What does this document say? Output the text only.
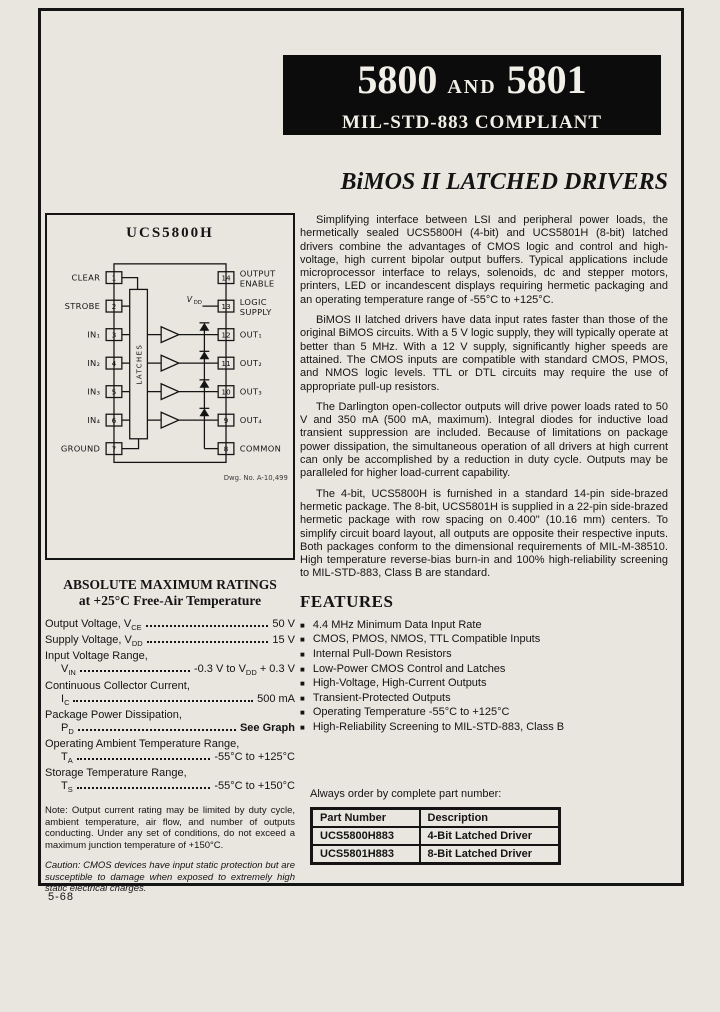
5800 AND 5801
MIL-STD-883 COMPLIANT
BiMOS II LATCHED DRIVERS

Simplifying interface between LSI and peripheral power loads, the hermetically sealed UCS5800H (4-bit) and UCS5801H (8-bit) latched drivers combine the advantages of CMOS logic and control and high-voltage, high current bipolar output buffers. Typical applications include microprocessor interface to relays, solenoids, dc and stepper motors, printers, LED or incandescent displays requiring hermetic packaging and an operating temperature range of -55°C to +125°C.

BiMOS II latched drivers have data input rates faster than those of the original BiMOS circuits. With a 5 V logic supply, they will typically operate at better than 5 MHz. With a 12 V supply, significantly higher speeds are attained. The CMOS inputs are compatible with standard CMOS, PMOS, and NMOS logic levels. TTL or DTL circuits may require the use of appropriate pull-up resistors.

The Darlington open-collector outputs will drive power loads rated to 50 V and 350 mA (500 mA, maximum). Integral diodes for inductive load transient suppression are included. Because of limitations on package power dissipation, the simultaneous operation of all drivers at high current can only be accomplished by a reduction in duty cycle. Outputs may be paralleled for higher load-current capability.

The 4-bit, UCS5800H is furnished in a standard 14-pin side-brazed hermetic package. The 8-bit, UCS5801H is supplied in a 22-pin side-brazed hermetic package with row spacing on 0.400" (10.16 mm) centers. To simplify circuit board layout, all outputs are opposite their respective inputs. Both packages conform to the dimensional requirements of MIL-M-38510. High temperature reverse-bias burn-in and 100% high-reliability screening to MIL-STD-883, Class B are standard.

FEATURES
■ 4.4 MHz Minimum Data Input Rate
■ CMOS, PMOS, NMOS, TTL Compatible Inputs
■ Internal Pull-Down Resistors
■ Low-Power CMOS Control and Latches
■ High-Voltage, High-Current Outputs
■ Transient-Protected Outputs
■ Operating Temperature -55°C to +125°C
■ High-Reliability Screening to MIL-STD-883, Class B
Always order by complete part number:
Part Number	Description
UCS5800H883	4-Bit Latched Driver
UCS5801H883	8-Bit Latched Driver
UCS5800H
LATCHES
V DD
1
CLEAR
2
STROBE
3
IN₁
4
IN₂
5
IN₃
6
IN₄
7
GROUND
14 OUTPUT
ENABLE
13 LOGIC
SUPPLY
12 OUT₁
11 OUT₂
10 OUT₃
9 OUT₄
8 COMMON
Dwg. No. A-10,499
ABSOLUTE MAXIMUM RATINGS
at +25°C Free-Air Temperature
Output Voltage, $V_{CE}$	50 V
Supply Voltage, $V_{DD}$	15 V
Input Voltage Range,
$V_{IN}$	-0.3 V to $V_{DD} + 0.3$ V
Continuous Collector Current,
$I_C$	500 mA
Package Power Dissipation,
$P_D$	See Graph
Operating Ambient Temperature Range,
$T_A$	-55°C to +125°C
Storage Temperature Range,
$T_S$	-55°C to +150°C
Note: Output current rating may be limited by duty cycle, ambient temperature, air flow, and number of outputs conducting. Under any set of conditions, do not exceed a maximum junction temperature of +150°C.
Caution: CMOS devices have input static protection but are susceptible to damage when exposed to extremely high static electrical charges.
5-68
